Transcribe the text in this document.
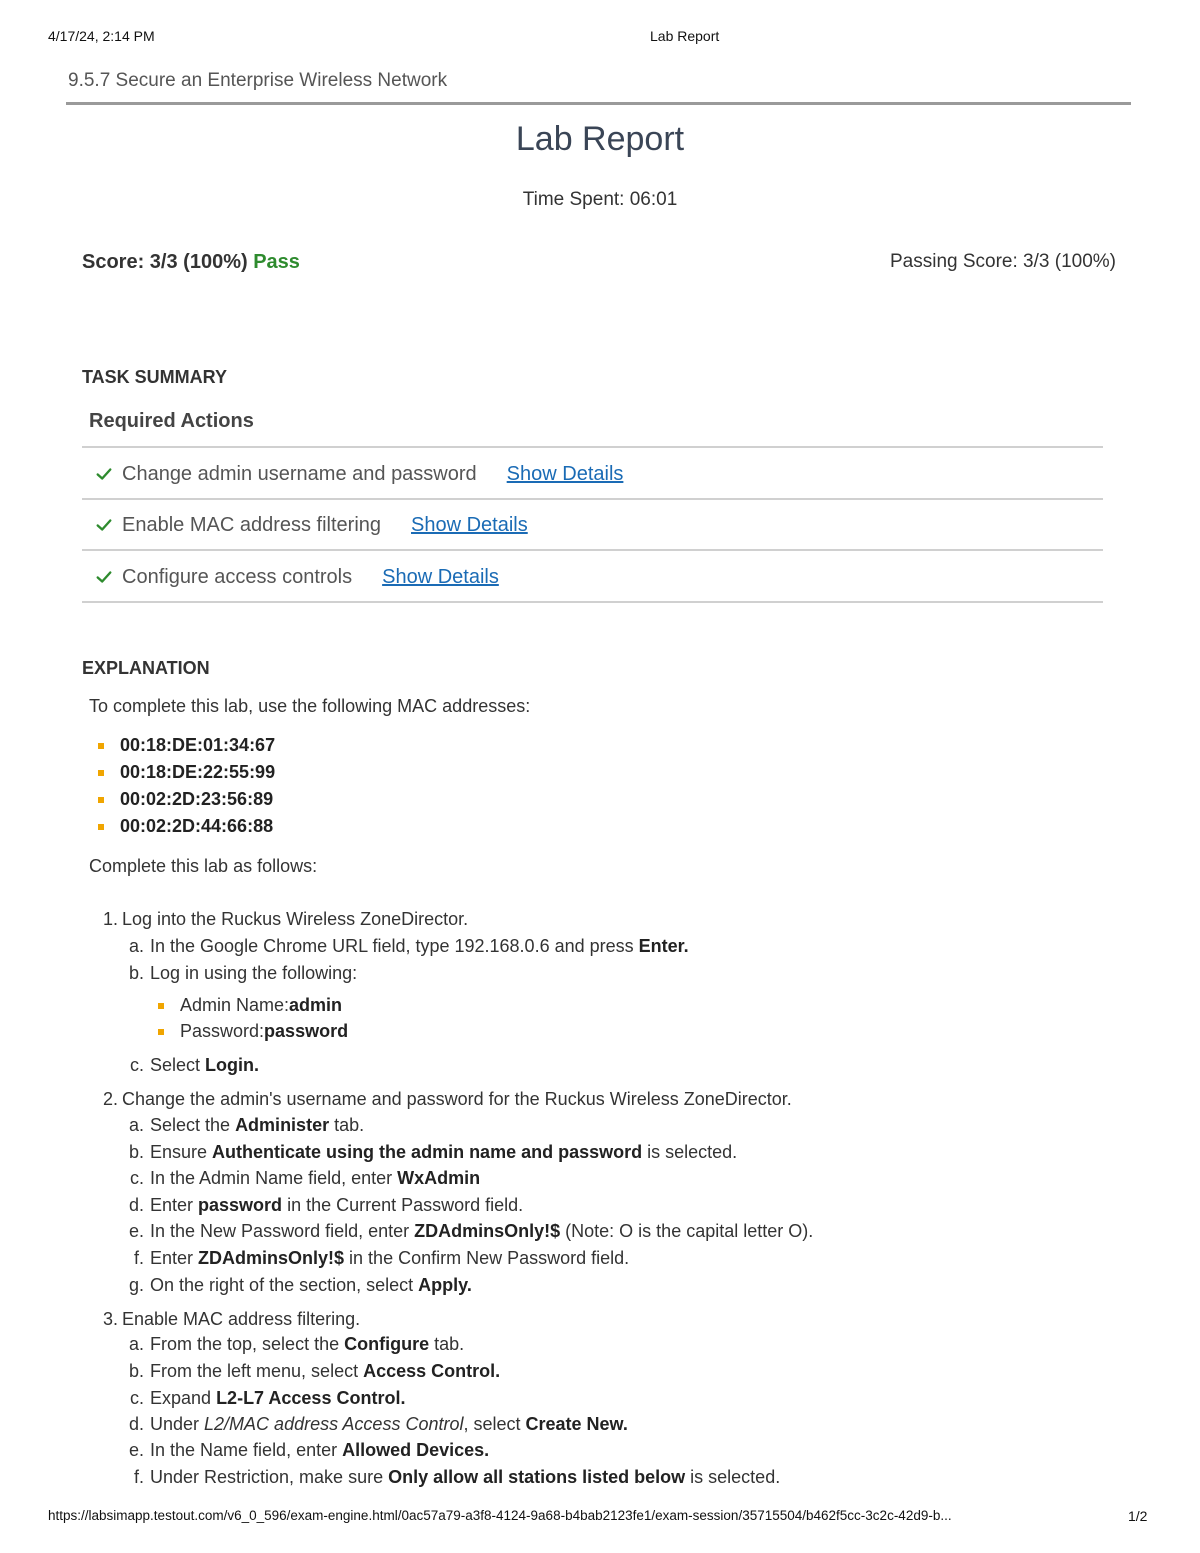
4/17/24, 2:14 PM	Lab Report
9.5.7 Secure an Enterprise Wireless Network
Lab Report
Time Spent: 06:01
Score: 3/3 (100%) Pass	Passing Score: 3/3 (100%)
TASK SUMMARY
Required Actions
Change admin username and password Show Details
Enable MAC address filtering Show Details
Configure access controls Show Details
EXPLANATION
To complete this lab, use the following MAC addresses:
00:18:DE:01:34:67
00:18:DE:22:55:99
00:02:2D:23:56:89
00:02:2D:44:66:88
Complete this lab as follows:
1. Log into the Ruckus Wireless ZoneDirector.
a. In the Google Chrome URL field, type 192.168.0.6 and press Enter.
b. Log in using the following:
Admin Name: admin
Password: password
c. Select Login.
2. Change the admin's username and password for the Ruckus Wireless ZoneDirector.
a. Select the Administer tab.
b. Ensure Authenticate using the admin name and password is selected.
c. In the Admin Name field, enter WxAdmin
d. Enter password in the Current Password field.
e. In the New Password field, enter ZDAdminsOnly!$ (Note: O is the capital letter O).
f. Enter ZDAdminsOnly!$ in the Confirm New Password field.
g. On the right of the section, select Apply.
3. Enable MAC address filtering.
a. From the top, select the Configure tab.
b. From the left menu, select Access Control.
c. Expand L2-L7 Access Control.
d. Under L2/MAC address Access Control, select Create New.
e. In the Name field, enter Allowed Devices.
f. Under Restriction, make sure Only allow all stations listed below is selected.
https://labsimapp.testout.com/v6_0_596/exam-engine.html/0ac57a79-a3f8-4124-9a68-b4bab2123fe1/exam-session/35715504/b462f5cc-3c2c-42d9-b...	1/2
